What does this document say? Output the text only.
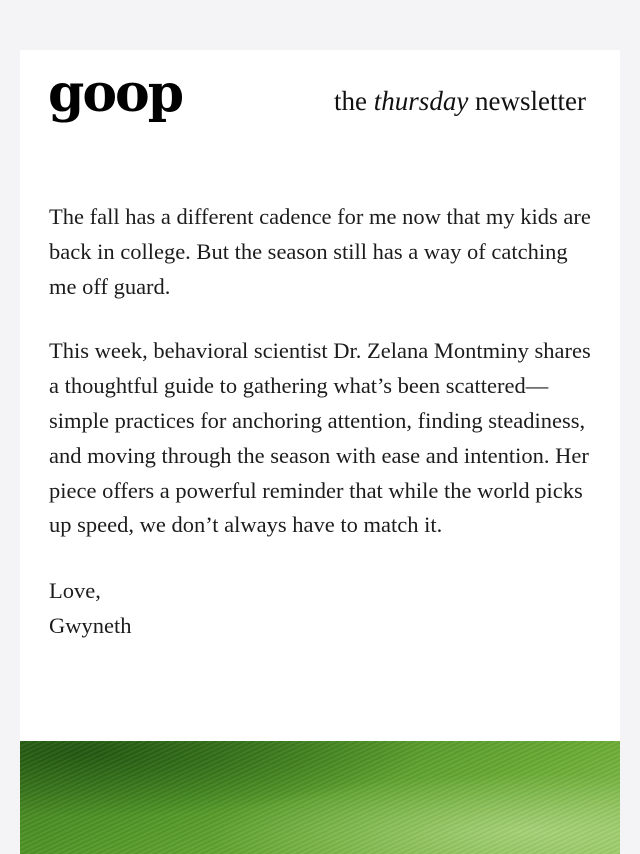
goop	the thursday newsletter

The fall has a different cadence for me now that my kids are back in college. But the season still has a way of catching me off guard.

This week, behavioral scientist Dr. Zelana Montminy shares a thoughtful guide to gathering what’s been scattered—simple practices for anchoring attention, finding steadiness, and moving through the season with ease and intention. Her piece offers a powerful reminder that while the world picks up speed, we don’t always have to match it.

Love,
Gwyneth
